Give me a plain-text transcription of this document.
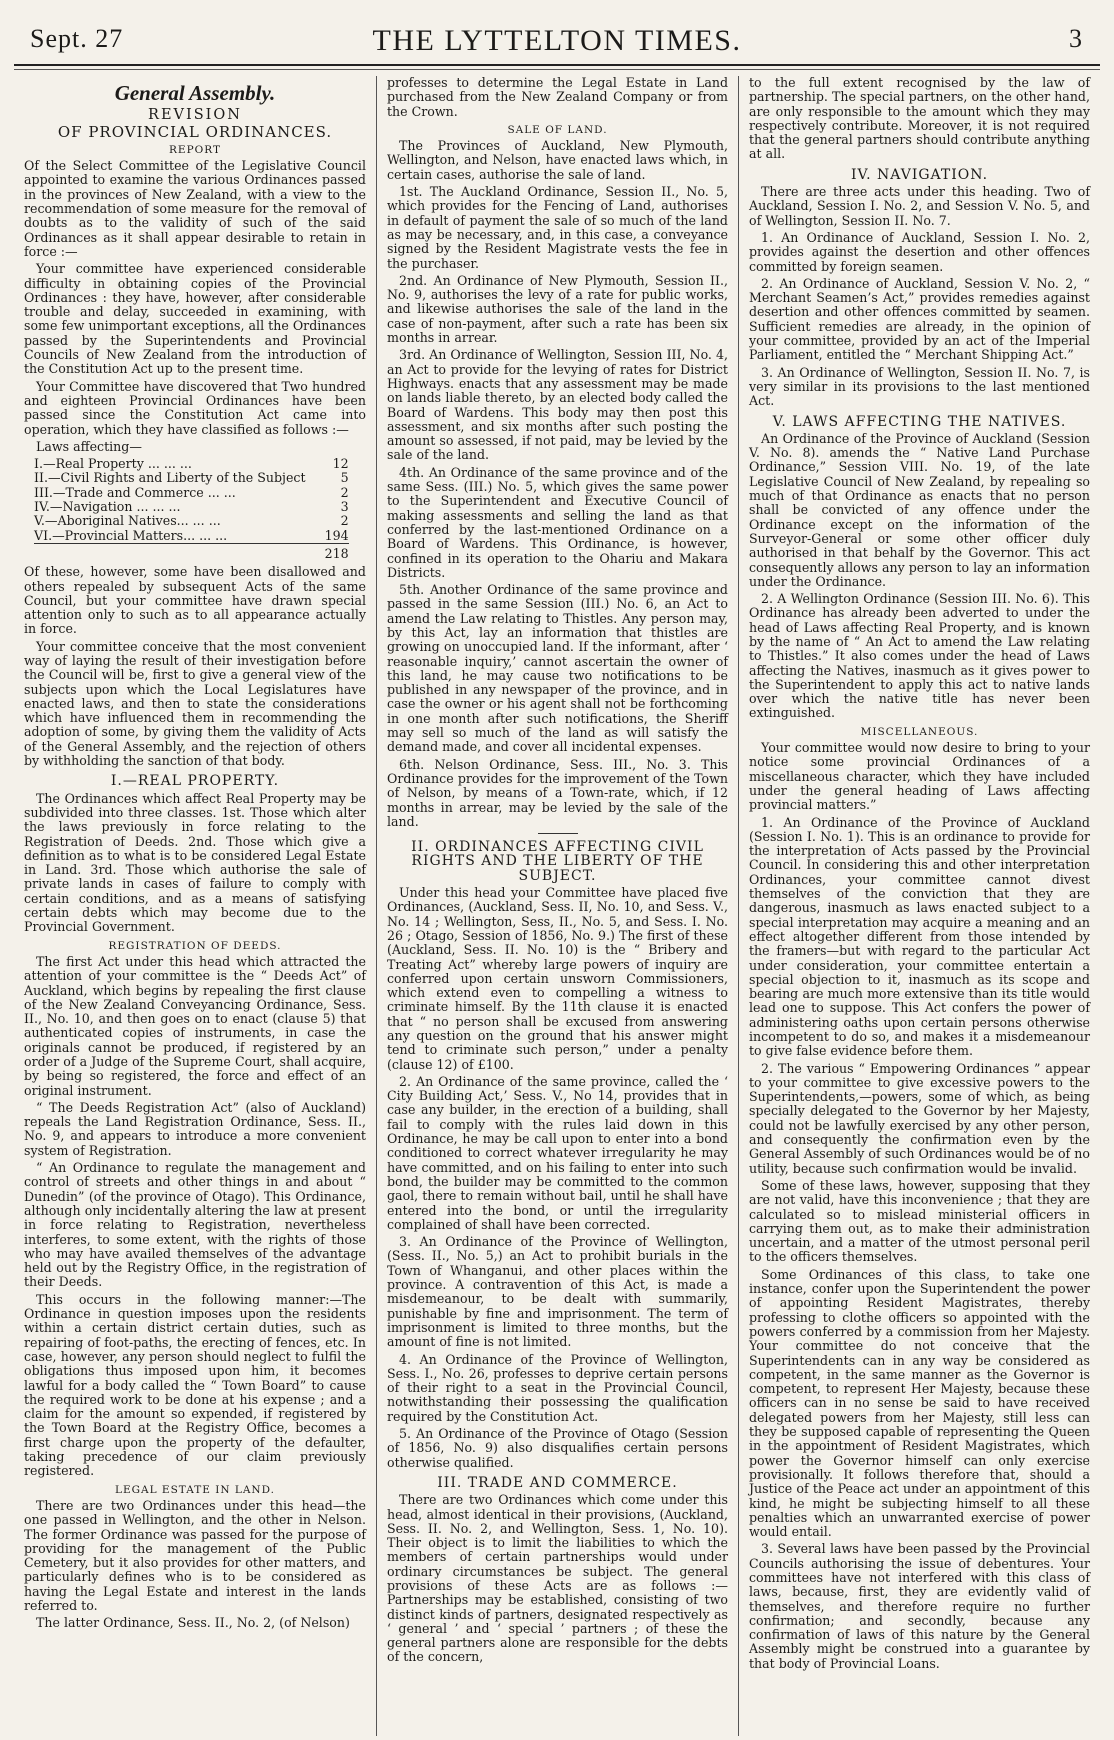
Sept. 27	THE LYTTELTON TIMES.	3
General Assembly.
REVISION
OF PROVINCIAL ORDINANCES.
REPORT

Of the Select Committee of the Legislative Council appointed to examine the various Ordinances passed in the provinces of New Zealand, with a view to the recommendation of some measure for the removal of doubts as to the validity of such of the said Ordinances as it shall appear desirable to retain in force :—

Your committee have experienced considerable difficulty in obtaining copies of the Provincial Ordinances : they have, however, after considerable trouble and delay, succeeded in examining, with some few unimportant exceptions, all the Ordinances passed by the Superintendents and Provincial Councils of New Zealand from the introduction of the Constitution Act up to the present time.

Your Committee have discovered that Two hundred and eighteen Provincial Ordinances have been passed since the Constitution Act came into operation, which they have classified as follows :—

Laws affecting—

I.—Real Property ... ... ...	12
II.—Civil Rights and Liberty of the Subject	5
III.—Trade and Commerce ... ...	2
IV.—Navigation ... ... ...	3
V.—Aboriginal Natives... ... ...	2
VI.—Provincial Matters... ... ...	194
	218

Of these, however, some have been disallowed and others repealed by subsequent Acts of the same Council, but your committee have drawn special attention only to such as to all appearance actually in force.

Your committee conceive that the most convenient way of laying the result of their investigation before the Council will be, first to give a general view of the subjects upon which the Local Legislatures have enacted laws, and then to state the considerations which have influenced them in recommending the adoption of some, by giving them the validity of Acts of the General Assembly, and the rejection of others by withholding the sanction of that body.

I.—REAL PROPERTY.

The Ordinances which affect Real Property may be subdivided into three classes. 1st. Those which alter the laws previously in force relating to the Registration of Deeds. 2nd. Those which give a definition as to what is to be considered Legal Estate in Land. 3rd. Those which authorise the sale of private lands in cases of failure to comply with certain conditions, and as a means of satisfying certain debts which may become due to the Provincial Government.

REGISTRATION OF DEEDS.

The first Act under this head which attracted the attention of your committee is the “ Deeds Act” of Auckland, which begins by repealing the first clause of the New Zealand Conveyancing Ordinance, Sess. II., No. 10, and then goes on to enact (clause 5) that authenticated copies of instruments, in case the originals cannot be produced, if registered by an order of a Judge of the Supreme Court, shall acquire, by being so registered, the force and effect of an original instrument.

“ The Deeds Registration Act” (also of Auckland) repeals the Land Registration Ordinance, Sess. II., No. 9, and appears to introduce a more convenient system of Registration.

“ An Ordinance to regulate the management and control of streets and other things in and about “ Dunedin” (of the province of Otago). This Ordinance, although only incidentally altering the law at present in force relating to Registration, nevertheless interferes, to some extent, with the rights of those who may have availed themselves of the advantage held out by the Registry Office, in the registration of their Deeds.

This occurs in the following manner:—The Ordinance in question imposes upon the residents within a certain district certain duties, such as repairing of foot-paths, the erecting of fences, etc. In case, however, any person should neglect to fulfil the obligations thus imposed upon him, it becomes lawful for a body called the “ Town Board” to cause the required work to be done at his expense ; and a claim for the amount so expended, if registered by the Town Board at the Registry Office, becomes a first charge upon the property of the defaulter, taking precedence of our claim previously registered.

LEGAL ESTATE IN LAND.

There are two Ordinances under this head—the one passed in Wellington, and the other in Nelson. The former Ordinance was passed for the purpose of providing for the management of the Public Cemetery, but it also provides for other matters, and particularly defines who is to be considered as having the Legal Estate and interest in the lands referred to.

The latter Ordinance, Sess. II., No. 2, (of Nelson)

professes to determine the Legal Estate in Land purchased from the New Zealand Company or from the Crown.

SALE OF LAND.

The Provinces of Auckland, New Plymouth, Wellington, and Nelson, have enacted laws which, in certain cases, authorise the sale of land.

1st. The Auckland Ordinance, Session II., No. 5, which provides for the Fencing of Land, authorises in default of payment the sale of so much of the land as may be necessary, and, in this case, a conveyance signed by the Resident Magistrate vests the fee in the purchaser.

2nd. An Ordinance of New Plymouth, Session II., No. 9, authorises the levy of a rate for public works, and likewise authorises the sale of the land in the case of non-payment, after such a rate has been six months in arrear.

3rd. An Ordinance of Wellington, Session III, No. 4, an Act to provide for the levying of rates for District Highways. enacts that any assessment may be made on lands liable thereto, by an elected body called the Board of Wardens. This body may then post this assessment, and six months after such posting the amount so assessed, if not paid, may be levied by the sale of the land.

4th. An Ordinance of the same province and of the same Sess. (III.) No. 5, which gives the same power to the Superintendent and Executive Council of making assessments and selling the land as that conferred by the last-mentioned Ordinance on a Board of Wardens. This Ordinance, is however, confined in its operation to the Ohariu and Makara Districts.

5th. Another Ordinance of the same province and passed in the same Session (III.) No. 6, an Act to amend the Law relating to Thistles. Any person may, by this Act, lay an information that thistles are growing on unoccupied land. If the informant, after ‘ reasonable inquiry,’ cannot ascertain the owner of this land, he may cause two notifications to be published in any newspaper of the province, and in case the owner or his agent shall not be forthcoming in one month after such notifications, the Sheriff may sell so much of the land as will satisfy the demand made, and cover all incidental expenses.

6th. Nelson Ordinance, Sess. III., No. 3. This Ordinance provides for the improvement of the Town of Nelson, by means of a Town-rate, which, if 12 months in arrear, may be levied by the sale of the land.

II. ORDINANCES AFFECTING CIVIL RIGHTS AND THE LIBERTY OF THE SUBJECT.

Under this head your Committee have placed five Ordinances, (Auckland, Sess. II, No. 10, and Sess. V., No. 14 ; Wellington, Sess, II., No. 5, and Sess. I. No. 26 ; Otago, Session of 1856, No. 9.) The first of these (Auckland, Sess. II. No. 10) is the “ Bribery and Treating Act” whereby large powers of inquiry are conferred upon certain unsworn Commissioners, which extend even to compelling a witness to criminate himself. By the 11th clause it is enacted that “ no person shall be excused from answering any question on the ground that his answer might tend to criminate such person,” under a penalty (clause 12) of £100.

2. An Ordinance of the same province, called the ‘ City Building Act,’ Sess. V., No 14, provides that in case any builder, in the erection of a building, shall fail to comply with the rules laid down in this Ordinance, he may be call upon to enter into a bond conditioned to correct whatever irregularity he may have committed, and on his failing to enter into such bond, the builder may be committed to the common gaol, there to remain without bail, until he shall have entered into the bond, or until the irregularity complained of shall have been corrected.

3. An Ordinance of the Province of Wellington, (Sess. II., No. 5,) an Act to prohibit burials in the Town of Whanganui, and other places within the province. A contravention of this Act, is made a misdemeanour, to be dealt with summarily, punishable by fine and imprisonment. The term of imprisonment is limited to three months, but the amount of fine is not limited.

4. An Ordinance of the Province of Wellington, Sess. I., No. 26, professes to deprive certain persons of their right to a seat in the Provincial Council, notwithstanding their possessing the qualification required by the Constitution Act.

5. An Ordinance of the Province of Otago (Session of 1856, No. 9) also disqualifies certain persons otherwise qualified.

III. TRADE AND COMMERCE.

There are two Ordinances which come under this head, almost identical in their provisions, (Auckland, Sess. II. No. 2, and Wellington, Sess. 1, No. 10). Their object is to limit the liabilities to which the members of certain partnerships would under ordinary circumstances be subject. The general provisions of these Acts are as follows :—Partnerships may be established, consisting of two distinct kinds of partners, designated respectively as ‘ general ’ and ‘ special ’ partners ; of these the general partners alone are responsible for the debts of the concern,

to the full extent recognised by the law of partnership. The special partners, on the other hand, are only responsible to the amount which they may respectively contribute. Moreover, it is not required that the general partners should contribute anything at all.

IV. NAVIGATION.

There are three acts under this heading. Two of Auckland, Session I. No. 2, and Session V. No. 5, and of Wellington, Session II. No. 7.

1. An Ordinance of Auckland, Session I. No. 2, provides against the desertion and other offences committed by foreign seamen.

2. An Ordinance of Auckland, Session V. No. 2, “ Merchant Seamen’s Act,” provides remedies against desertion and other offences committed by seamen. Sufficient remedies are already, in the opinion of your committee, provided by an act of the Imperial Parliament, entitled the “ Merchant Shipping Act.”

3. An Ordinance of Wellington, Session II. No. 7, is very similar in its provisions to the last mentioned Act.

V. LAWS AFFECTING THE NATIVES.

An Ordinance of the Province of Auckland (Session V. No. 8). amends the “ Native Land Purchase Ordinance,” Session VIII. No. 19, of the late Legislative Council of New Zealand, by repealing so much of that Ordinance as enacts that no person shall be convicted of any offence under the Ordinance except on the information of the Surveyor-General or some other officer duly authorised in that behalf by the Governor. This act consequently allows any person to lay an information under the Ordinance.

2. A Wellington Ordinance (Session III. No. 6). This Ordinance has already been adverted to under the head of Laws affecting Real Property, and is known by the name of “ An Act to amend the Law relating to Thistles.” It also comes under the head of Laws affecting the Natives, inasmuch as it gives power to the Superintendent to apply this act to native lands over which the native title has never been extinguished.

MISCELLANEOUS.

Your committee would now desire to bring to your notice some provincial Ordinances of a miscellaneous character, which they have included under the general heading of Laws affecting provincial matters.”

1. An Ordinance of the Province of Auckland (Session I. No. 1). This is an ordinance to provide for the interpretation of Acts passed by the Provincial Council. In considering this and other interpretation Ordinances, your committee cannot divest themselves of the conviction that they are dangerous, inasmuch as laws enacted subject to a special interpretation may acquire a meaning and an effect altogether different from those intended by the framers—but with regard to the particular Act under consideration, your committee entertain a special objection to it, inasmuch as its scope and bearing are much more extensive than its title would lead one to suppose. This Act confers the power of administering oaths upon certain persons otherwise incompetent to do so, and makes it a misdemeanour to give false evidence before them.

2. The various “ Empowering Ordinances ” appear to your committee to give excessive powers to the Superintendents,—powers, some of which, as being specially delegated to the Governor by her Majesty, could not be lawfully exercised by any other person, and consequently the confirmation even by the General Assembly of such Ordinances would be of no utility, because such confirmation would be invalid.

Some of these laws, however, supposing that they are not valid, have this inconvenience ; that they are calculated so to mislead ministerial officers in carrying them out, as to make their administration uncertain, and a matter of the utmost personal peril to the officers themselves.

Some Ordinances of this class, to take one instance, confer upon the Superintendent the power of appointing Resident Magistrates, thereby professing to clothe officers so appointed with the powers conferred by a commission from her Majesty. Your committee do not conceive that the Superintendents can in any way be considered as competent, in the same manner as the Governor is competent, to represent Her Majesty, because these officers can in no sense be said to have received delegated powers from her Majesty, still less can they be supposed capable of representing the Queen in the appointment of Resident Magistrates, which power the Governor himself can only exercise provisionally. It follows therefore that, should a Justice of the Peace act under an appointment of this kind, he might be subjecting himself to all these penalties which an unwarranted exercise of power would entail.

3. Several laws have been passed by the Provincial Councils authorising the issue of debentures. Your committees have not interfered with this class of laws, because, first, they are evidently valid of themselves, and therefore require no further confirmation; and secondly, because any confirmation of laws of this nature by the General Assembly might be construed into a guarantee by that body of Provincial Loans.
